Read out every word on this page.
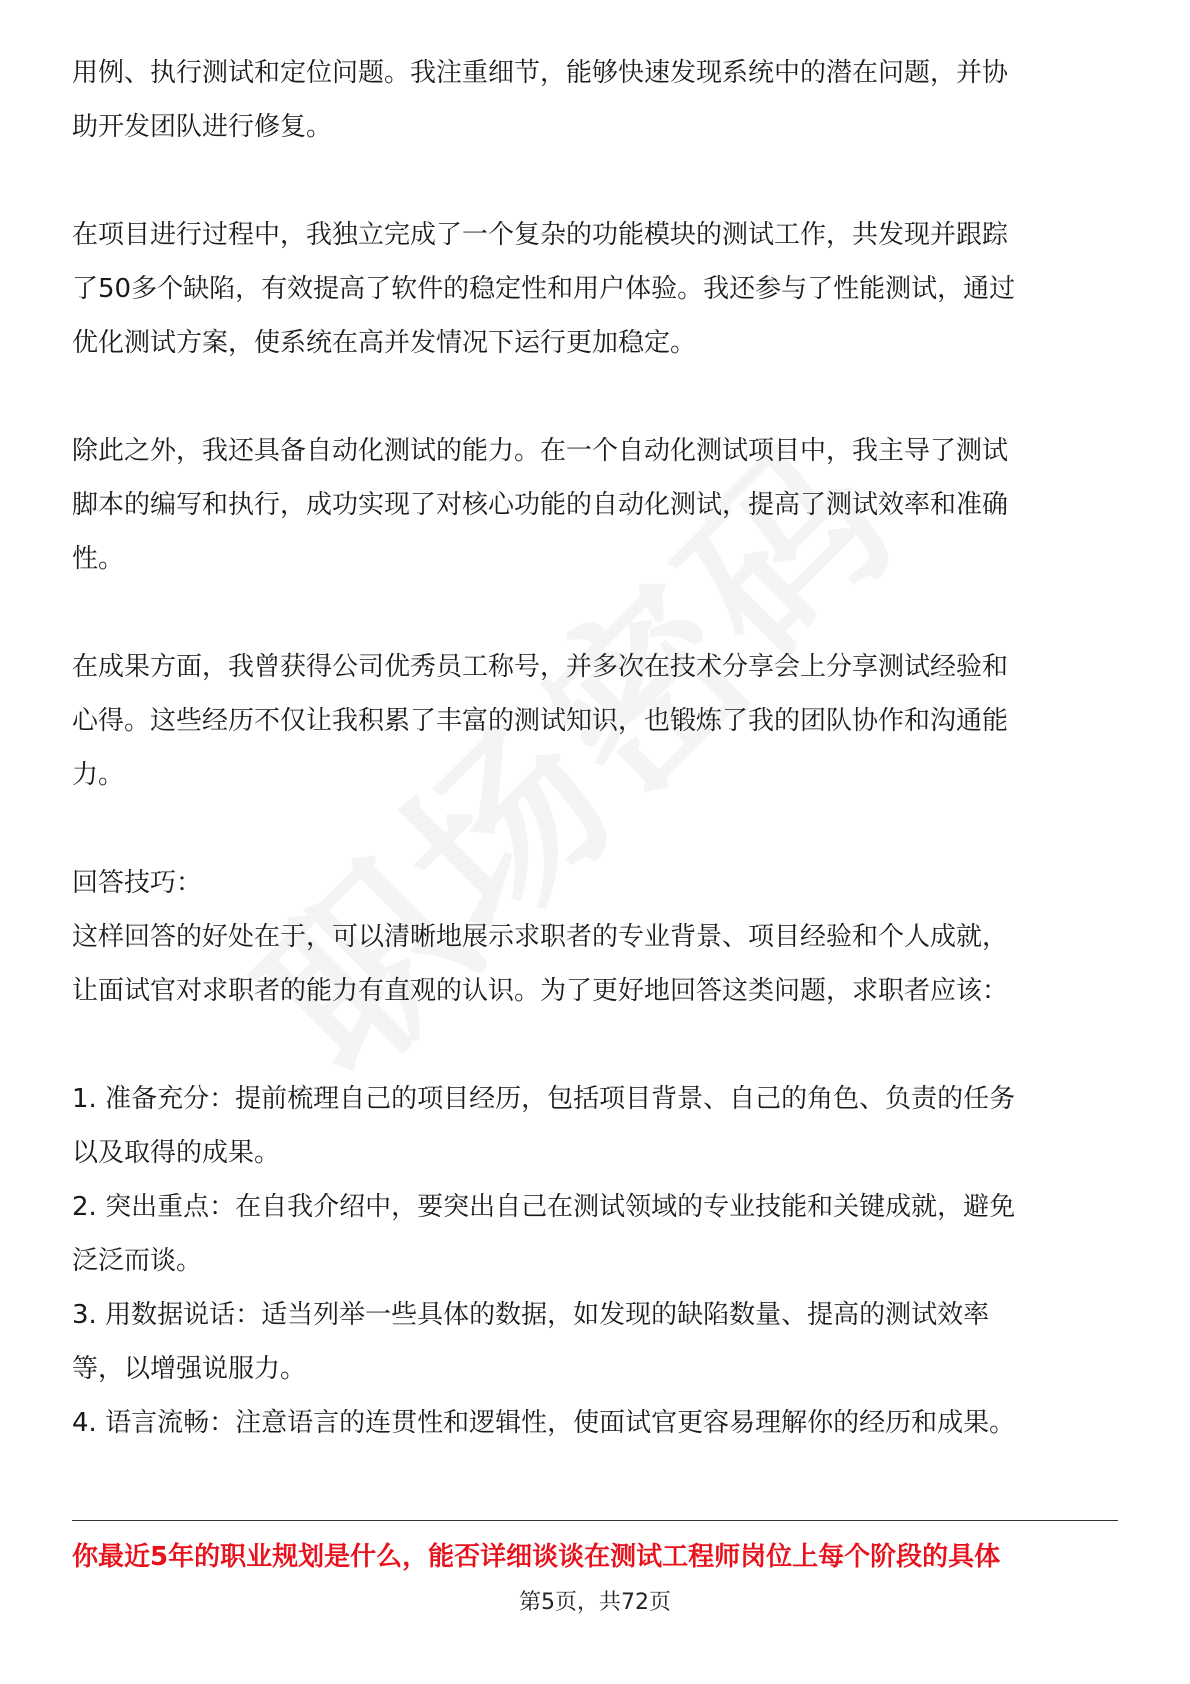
用例、执行测试和定位问题。我注重细节，能够快速发现系统中的潜在问题，并协
助开发团队进行修复。

在项目进行过程中，我独立完成了一个复杂的功能模块的测试工作，共发现并跟踪
了50多个缺陷，有效提高了软件的稳定性和用户体验。我还参与了性能测试，通过
优化测试方案，使系统在高并发情况下运行更加稳定。

除此之外，我还具备自动化测试的能力。在一个自动化测试项目中，我主导了测试
脚本的编写和执行，成功实现了对核心功能的自动化测试，提高了测试效率和准确
性。

在成果方面，我曾获得公司优秀员工称号，并多次在技术分享会上分享测试经验和
心得。这些经历不仅让我积累了丰富的测试知识，也锻炼了我的团队协作和沟通能
力。

回答技巧：
这样回答的好处在于，可以清晰地展示求职者的专业背景、项目经验和个人成就，
让面试官对求职者的能力有直观的认识。为了更好地回答这类问题，求职者应该：

1. 准备充分：提前梳理自己的项目经历，包括项目背景、自己的角色、负责的任务
以及取得的成果。
2. 突出重点：在自我介绍中，要突出自己在测试领域的专业技能和关键成就，避免
泛泛而谈。
3. 用数据说话：适当列举一些具体的数据，如发现的缺陷数量、提高的测试效率
等，以增强说服力。
4. 语言流畅：注意语言的连贯性和逻辑性，使面试官更容易理解你的经历和成果。

你最近5年的职业规划是什么，能否详细谈谈在测试工程师岗位上每个阶段的具体
第5页，共72页
